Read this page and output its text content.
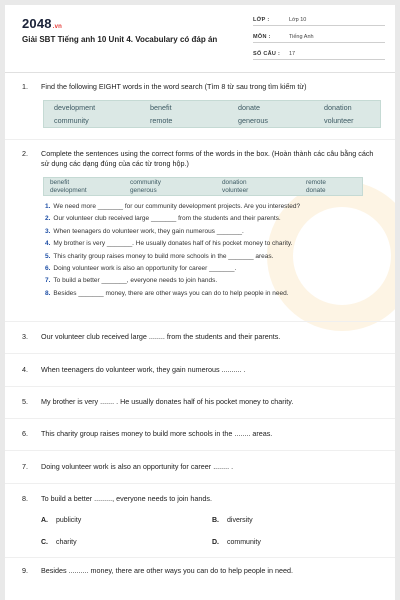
2048.vn
Giải SBT Tiếng anh 10 Unit 4. Vocabulary có đáp án
LỚP :	Lớp 10
MÔN :	Tiếng Anh
SỐ CÂU : 17
1.	Find the following EIGHT words in the word search (Tìm 8 từ sau trong tìm kiếm từ)
development	benefit	donate	donation
community	remote	generous	volunteer
2.	Complete the sentences using the correct forms of the words in the box. (Hoàn thành các câu bằng cách sử dụng các dạng đúng của các từ trong hộp.)
benefit	community	donation	remote
development	generous	volunteer	donate
1. We need more _______ for our community development projects. Are you interested?
2. Our volunteer club received large _______ from the students and their parents.
3. When teenagers do volunteer work, they gain numerous _______.
4. My brother is very _______. He usually donates half of his pocket money to charity.
5. This charity group raises money to build more schools in the _______ areas.
6. Doing volunteer work is also an opportunity for career _______.
7. To build a better _______, everyone needs to join hands.
8. Besides _______ money, there are other ways you can do to help people in need.
3.	Our volunteer club received large ........ from the students and their parents.
4.	When teenagers do volunteer work, they gain numerous .......... .
5.	My brother is very ....... . He usually donates half of his pocket money to charity.
6.	This charity group raises money to build more schools in the ........ areas.
7.	Doing volunteer work is also an opportunity for career ........ .
8.	To build a better ........., everyone needs to join hands.
A. publicity	B. diversity
C. charity	D. community
9.	Besides .......... money, there are other ways you can do to help people in need.
